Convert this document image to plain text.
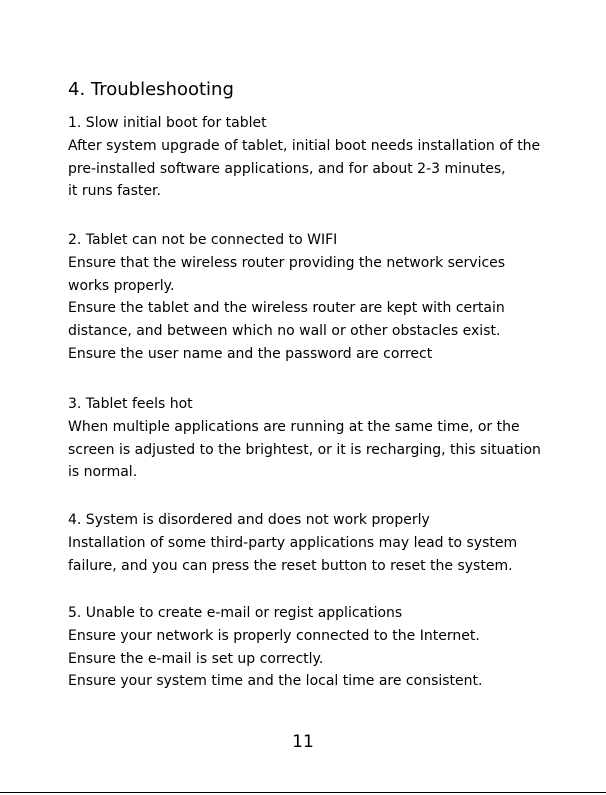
4. Troubleshooting
1. Slow initial boot for tablet
After system upgrade of tablet, initial boot needs installation of the
pre-installed software applications, and for about 2-3 minutes,
it runs faster.
2. Tablet can not be connected to WIFI
Ensure that the wireless router providing the network services
works properly.
Ensure the tablet and the wireless router are kept with certain
distance, and between which no wall or other obstacles exist.
Ensure the user name and the password are correct
3. Tablet feels hot
When multiple applications are running at the same time, or the
screen is adjusted to the brightest, or it is recharging, this situation
is normal.
4. System is disordered and does not work properly
Installation of some third-party applications may lead to system
failure, and you can press the reset button to reset the system.
5. Unable to create e-mail or regist applications
Ensure your network is properly connected to the Internet.
Ensure the e-mail is set up correctly.
Ensure your system time and the local time are consistent.
11
